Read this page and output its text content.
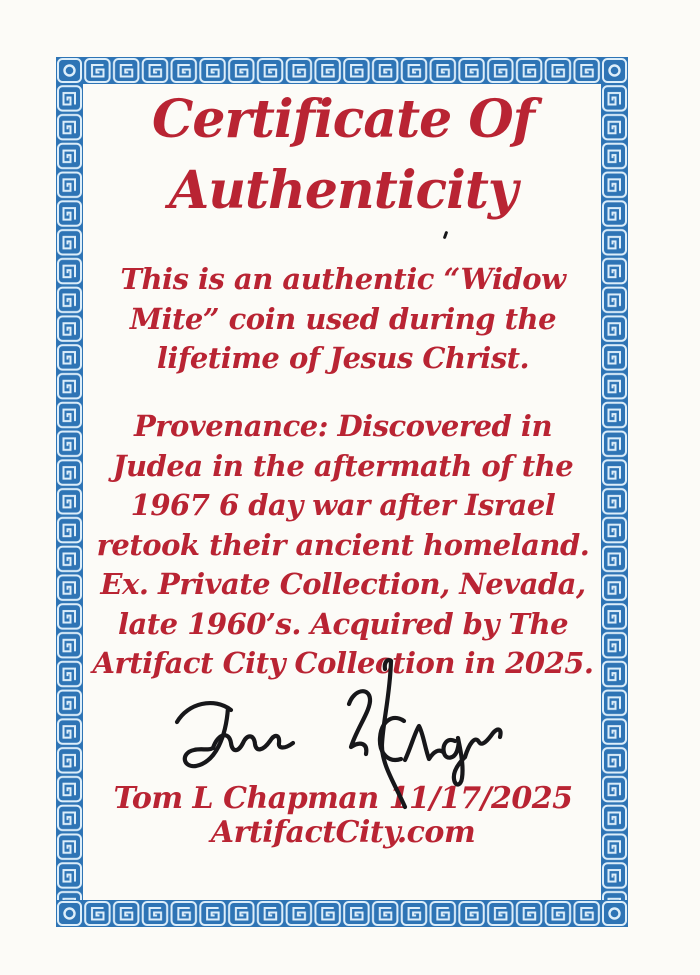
Certificate Of
Authenticity
This is an authentic “Widow
Mite” coin used during the
lifetime of Jesus Christ.
Provenance: Discovered in
Judea in the aftermath of the
1967 6 day war after Israel
retook their ancient homeland.
Ex. Private Collection, Nevada,
late 1960’s. Acquired by The
Artifact City Collection in 2025.
Tom L Chapman 11/17/2025
ArtifactCity.com
